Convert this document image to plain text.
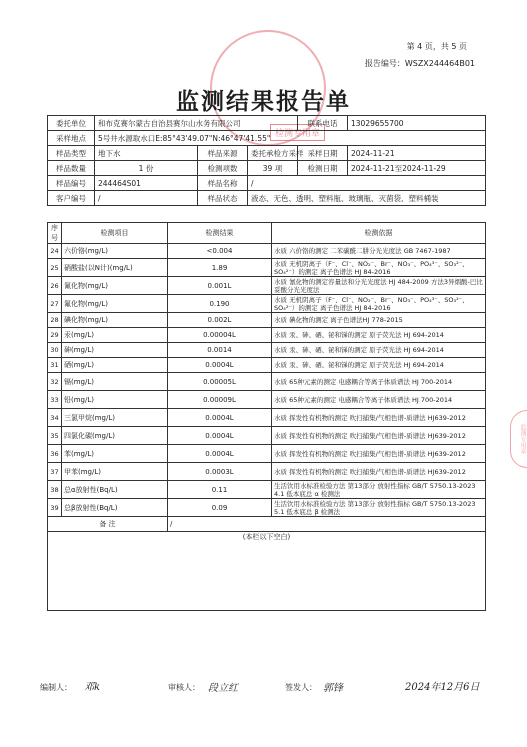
第 4 页，共 5 页
报告编号：WSZX244464B01
监测结果报告单
检测专用章
监测专用章
委托单位	和布克赛尔蒙古自治县赛尔山水务有限公司			联系电话	13029655700
采样地点	5号井水源取水口E:85°43'49.07"N:46°47'41.55"				
样品类型	地下水	样品来源	委托承检方采样	采样日期	2024-11-21
样品数量	1 份	检测项数	39 项	检测日期	2024-11-21至2024-11-29
样品编号	244464S01	样品名称	/		
客户编号	/	样品状态	液态、无色、透明、塑料瓶、玻璃瓶、灭菌袋、塑料桶装		
序号	检测项目	检测结果	检测依据
24	六价铬(mg/L)	<0.004	水质 六价铬的测定 二苯碳酰二肼分光光度法 GB 7467-1987
25	硝酸盐(以N计)(mg/L)	1.89	水质 无机阴离子（F⁻、Cl⁻、NO₂⁻、Br⁻、NO₃⁻、PO₄³⁻、SO₃²⁻、SO₄²⁻）的测定 离子色谱法 HJ 84-2016
26	氰化物(mg/L)	0.001L	水质 氰化物的测定容量法和分光光度法 HJ 484-2009 方法3异烟酸-巴比妥酸分光光度法
27	氟化物(mg/L)	0.190	水质 无机阴离子（F⁻、Cl⁻、NO₂⁻、Br⁻、NO₃⁻、PO₄³⁻、SO₃²⁻、SO₄²⁻）的测定 离子色谱法 HJ 84-2016
28	碘化物(mg/L)	0.002L	水质 碘化物的测定 离子色谱法HJ 778-2015
29	汞(mg/L)	0.00004L	水质 汞、砷、硒、铋和锑的测定 原子荧光法 HJ 694-2014
30	砷(mg/L)	0.0014	水质 汞、砷、硒、铋和锑的测定 原子荧光法 HJ 694-2014
31	硒(mg/L)	0.0004L	水质 汞、砷、硒、铋和锑的测定 原子荧光法 HJ 694-2014
32	镉(mg/L)	0.00005L	水质 65种元素的测定 电感耦合等离子体质谱法 HJ 700-2014
33	铅(mg/L)	0.00009L	水质 65种元素的测定 电感耦合等离子体质谱法 HJ 700-2014
34	三氯甲烷(mg/L)	0.0004L	水质 挥发性有机物的测定 吹扫捕集/气相色谱-质谱法 HJ639-2012
35	四氯化碳(mg/L)	0.0004L	水质 挥发性有机物的测定 吹扫捕集/气相色谱-质谱法 HJ639-2012
36	苯(mg/L)	0.0004L	水质 挥发性有机物的测定 吹扫捕集/气相色谱-质谱法 HJ639-2012
37	甲苯(mg/L)	0.0003L	水质 挥发性有机物的测定 吹扫捕集/气相色谱-质谱法 HJ639-2012
38	总α放射性(Bq/L)	0.11	生活饮用水标准检验方法 第13部分 放射性指标 GB/T 5750.13-2023 4.1 低本底总 α 检测法
39	总β放射性(Bq/L)	0.09	生活饮用水标准检验方法 第13部分 放射性指标 GB/T 5750.13-2023 5.1 低本底总 β 检测法
备 注		/	
(本栏以下空白)			
编制人： 邓k	审核人： 段立红	签发人： 郭锋	2024年12月6日
